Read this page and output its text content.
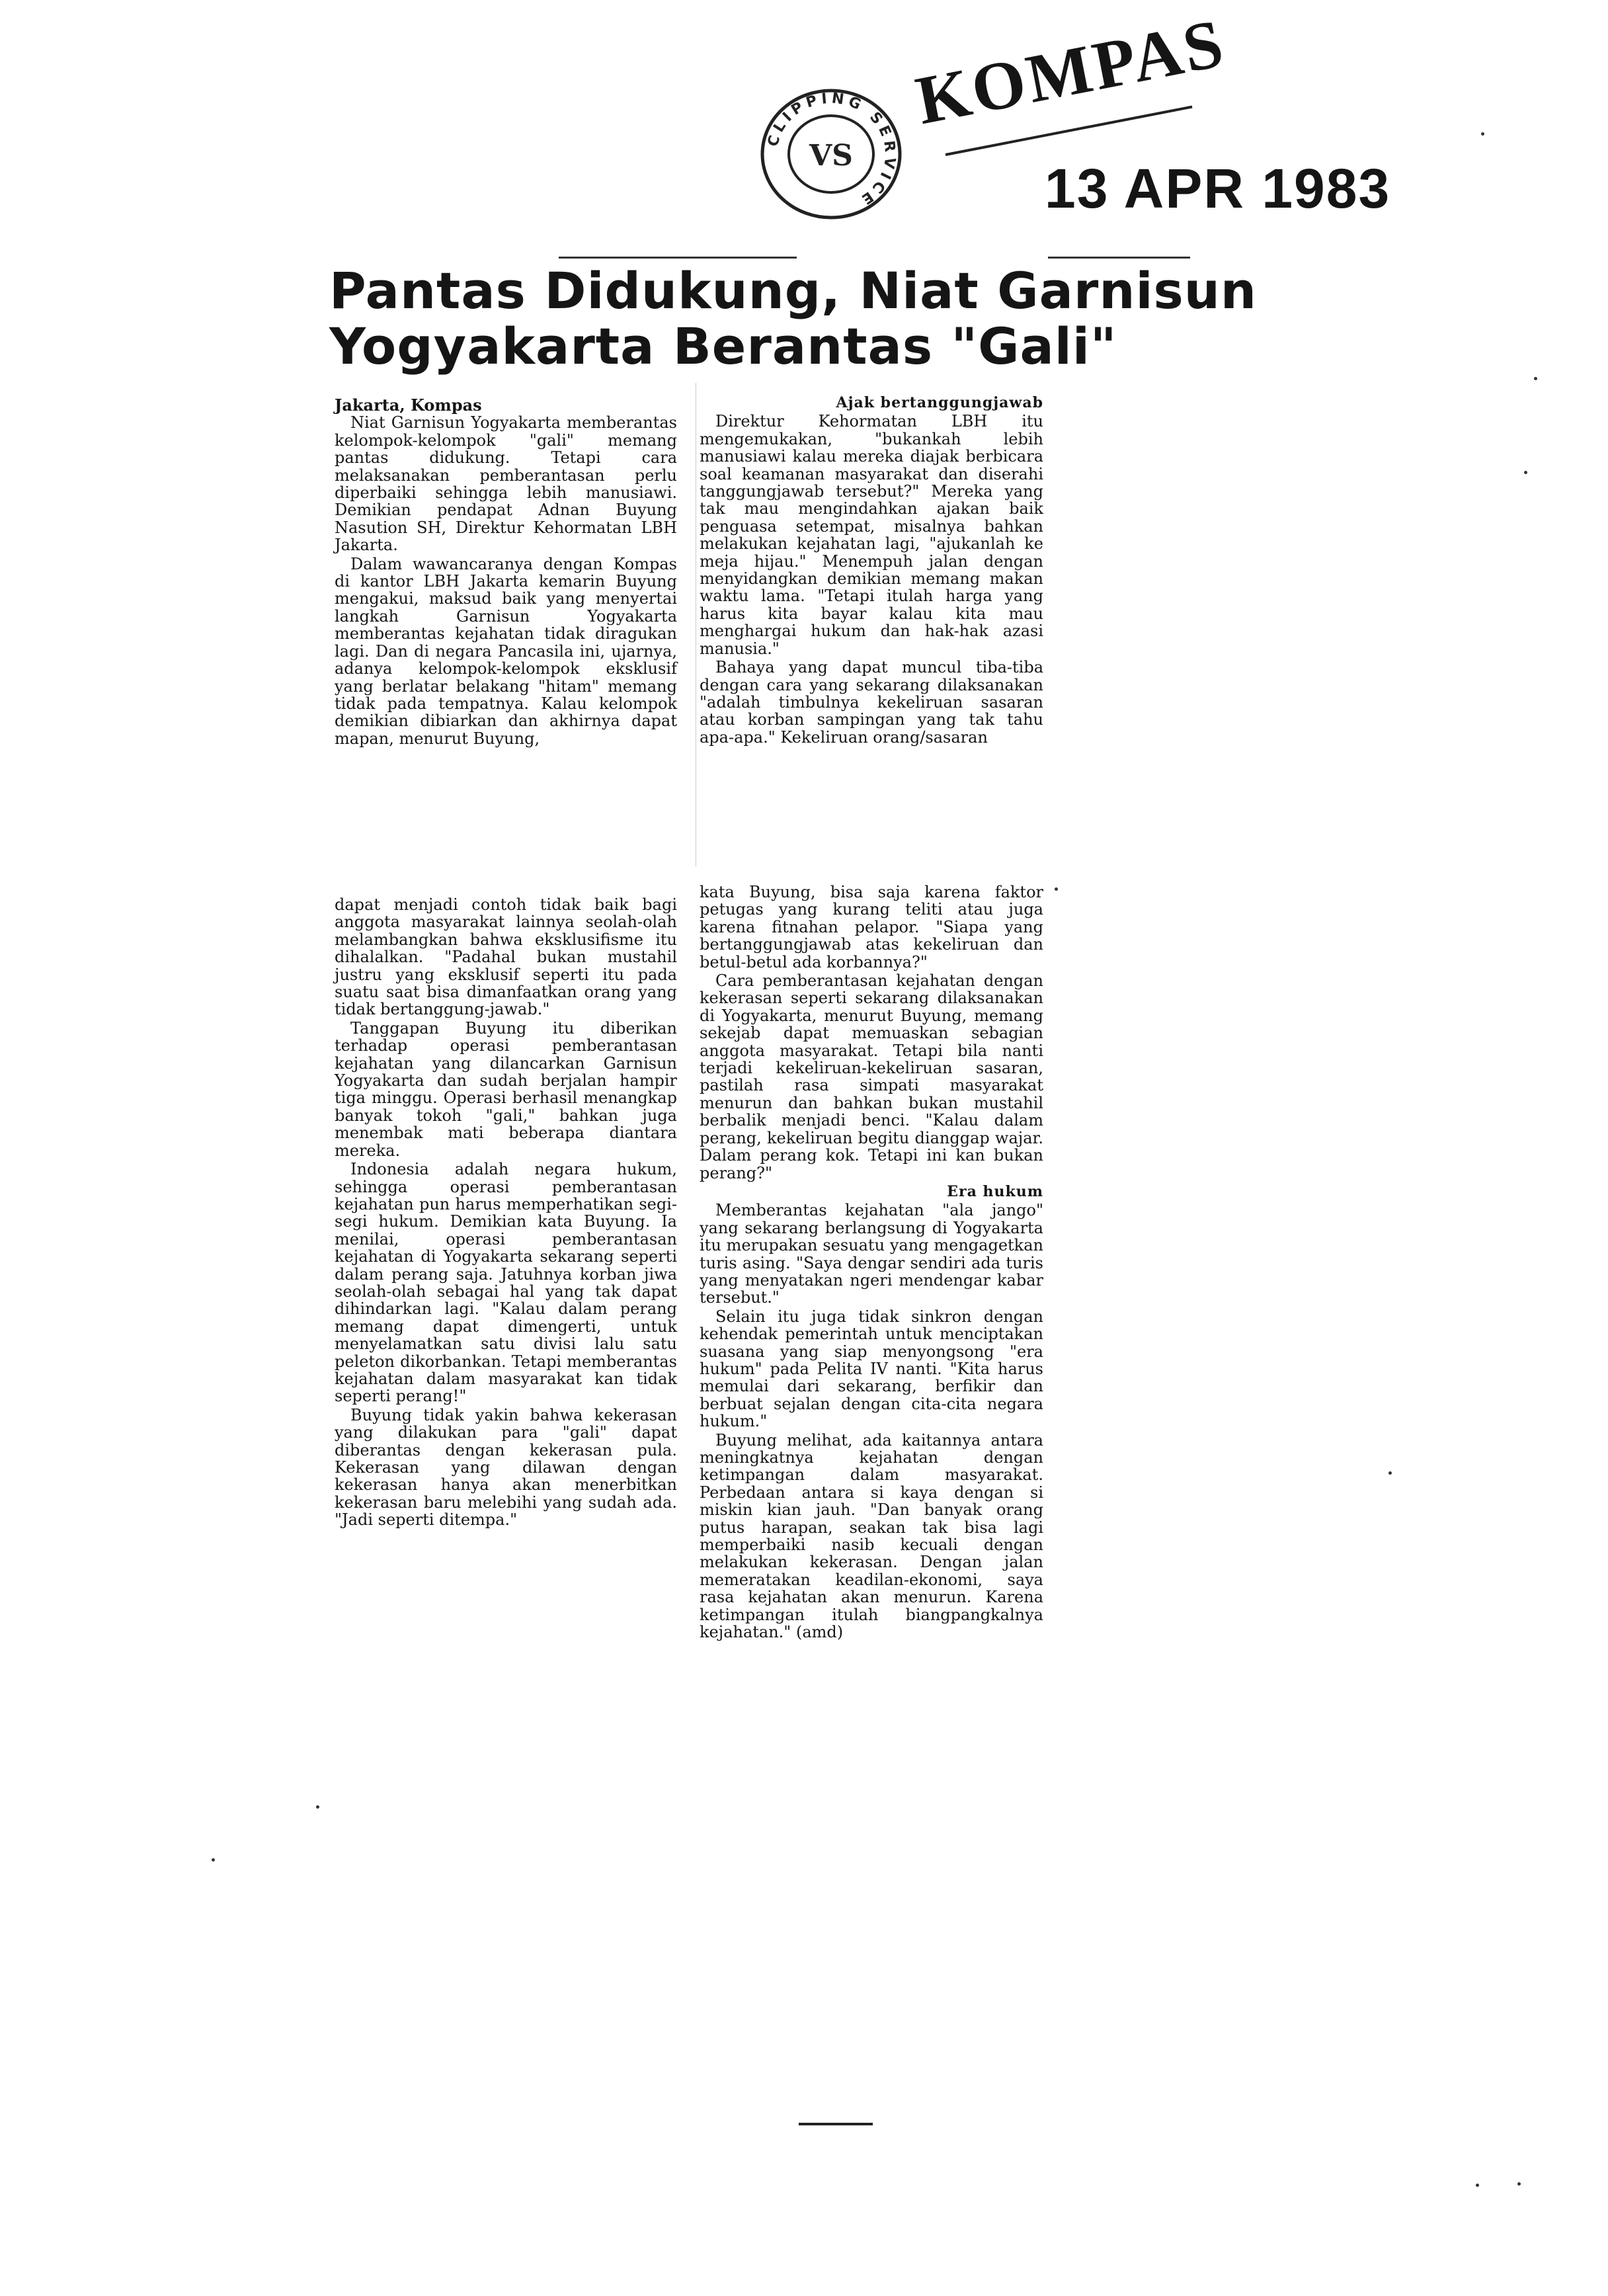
CLIPPING SERVICE
VS
KOMPAS
13 APR 1983
Pantas Didukung, Niat Garnisun
Yogyakarta Berantas "Gali"
Jakarta, Kompas

Niat Garnisun Yogyakarta memberantas kelompok-kelompok "gali" memang pantas didukung. Tetapi cara melaksanakan pemberantasan perlu diperbaiki sehingga lebih manusiawi. Demikian pendapat Adnan Buyung Nasution SH, Direktur Kehormatan LBH Jakarta.

Dalam wawancaranya dengan Kompas di kantor LBH Jakarta kemarin Buyung mengakui, maksud baik yang menyertai langkah Garnisun Yogyakarta memberantas kejahatan tidak diragukan lagi. Dan di negara Pancasila ini, ujarnya, adanya kelompok-kelompok eksklusif yang berlatar belakang "hitam" memang tidak pada tempatnya. Kalau kelompok demikian dibiarkan dan akhirnya dapat mapan, menurut Buyung,

dapat menjadi contoh tidak baik bagi anggota masyarakat lainnya seolah-olah melambangkan bahwa eksklusifisme itu dihalalkan. "Padahal bukan mustahil justru yang eksklusif seperti itu pada suatu saat bisa dimanfaatkan orang yang tidak bertanggung-jawab."

Tanggapan Buyung itu diberikan terhadap operasi pemberantasan kejahatan yang dilancarkan Garnisun Yogyakarta dan sudah berjalan hampir tiga minggu. Operasi berhasil menangkap banyak tokoh "gali," bahkan juga menembak mati beberapa diantara mereka.

Indonesia adalah negara hukum, sehingga operasi pemberantasan kejahatan pun harus memperhatikan segi-segi hukum. Demikian kata Buyung. Ia menilai, operasi pemberantasan kejahatan di Yogyakarta sekarang seperti dalam perang saja. Jatuhnya korban jiwa seolah-olah sebagai hal yang tak dapat dihindarkan lagi. "Kalau dalam perang memang dapat dimengerti, untuk menyelamatkan satu divisi lalu satu peleton dikorbankan. Tetapi memberantas kejahatan dalam masyarakat kan tidak seperti perang!"

Buyung tidak yakin bahwa kekerasan yang dilakukan para "gali" dapat diberantas dengan kekerasan pula. Kekerasan yang dilawan dengan kekerasan hanya akan menerbitkan kekerasan baru melebihi yang sudah ada. "Jadi seperti ditempa."

Ajak bertanggungjawab

Direktur Kehormatan LBH itu mengemukakan, "bukankah lebih manusiawi kalau mereka diajak berbicara soal keamanan masyarakat dan diserahi tanggungjawab tersebut?" Mereka yang tak mau mengindahkan ajakan baik penguasa setempat, misalnya bahkan melakukan kejahatan lagi, "ajukanlah ke meja hijau." Menempuh jalan dengan menyidangkan demikian memang makan waktu lama. "Tetapi itulah harga yang harus kita bayar kalau kita mau menghargai hukum dan hak-hak azasi manusia."

Bahaya yang dapat muncul tiba-tiba dengan cara yang sekarang dilaksanakan "adalah timbulnya kekeliruan sasaran atau korban sampingan yang tak tahu apa-apa." Kekeliruan orang/sasaran

kata Buyung, bisa saja karena faktor petugas yang kurang teliti atau juga karena fitnahan pelapor. "Siapa yang bertanggungjawab atas kekeliruan dan betul-betul ada korbannya?"

Cara pemberantasan kejahatan dengan kekerasan seperti sekarang dilaksanakan di Yogyakarta, menurut Buyung, memang sekejab dapat memuaskan sebagian anggota masyarakat. Tetapi bila nanti terjadi kekeliruan-kekeliruan sasaran, pastilah rasa simpati masyarakat menurun dan bahkan bukan mustahil berbalik menjadi benci. "Kalau dalam perang, kekeliruan begitu dianggap wajar. Dalam perang kok. Tetapi ini kan bukan perang?"

Era hukum

Memberantas kejahatan "ala jango" yang sekarang berlangsung di Yogyakarta itu merupakan sesuatu yang mengagetkan turis asing. "Saya dengar sendiri ada turis yang menyatakan ngeri mendengar kabar tersebut."

Selain itu juga tidak sinkron dengan kehendak pemerintah untuk menciptakan suasana yang siap menyongsong "era hukum" pada Pelita IV nanti. "Kita harus memulai dari sekarang, berfikir dan berbuat sejalan dengan cita-cita negara hukum."

Buyung melihat, ada kaitannya antara meningkatnya kejahatan dengan ketimpangan dalam masyarakat. Perbedaan antara si kaya dengan si miskin kian jauh. "Dan banyak orang putus harapan, seakan tak bisa lagi memperbaiki nasib kecuali dengan melakukan kekerasan. Dengan jalan memeratakan keadilan-ekonomi, saya rasa kejahatan akan menurun. Karena ketimpangan itulah biangpangkalnya kejahatan." (amd)
